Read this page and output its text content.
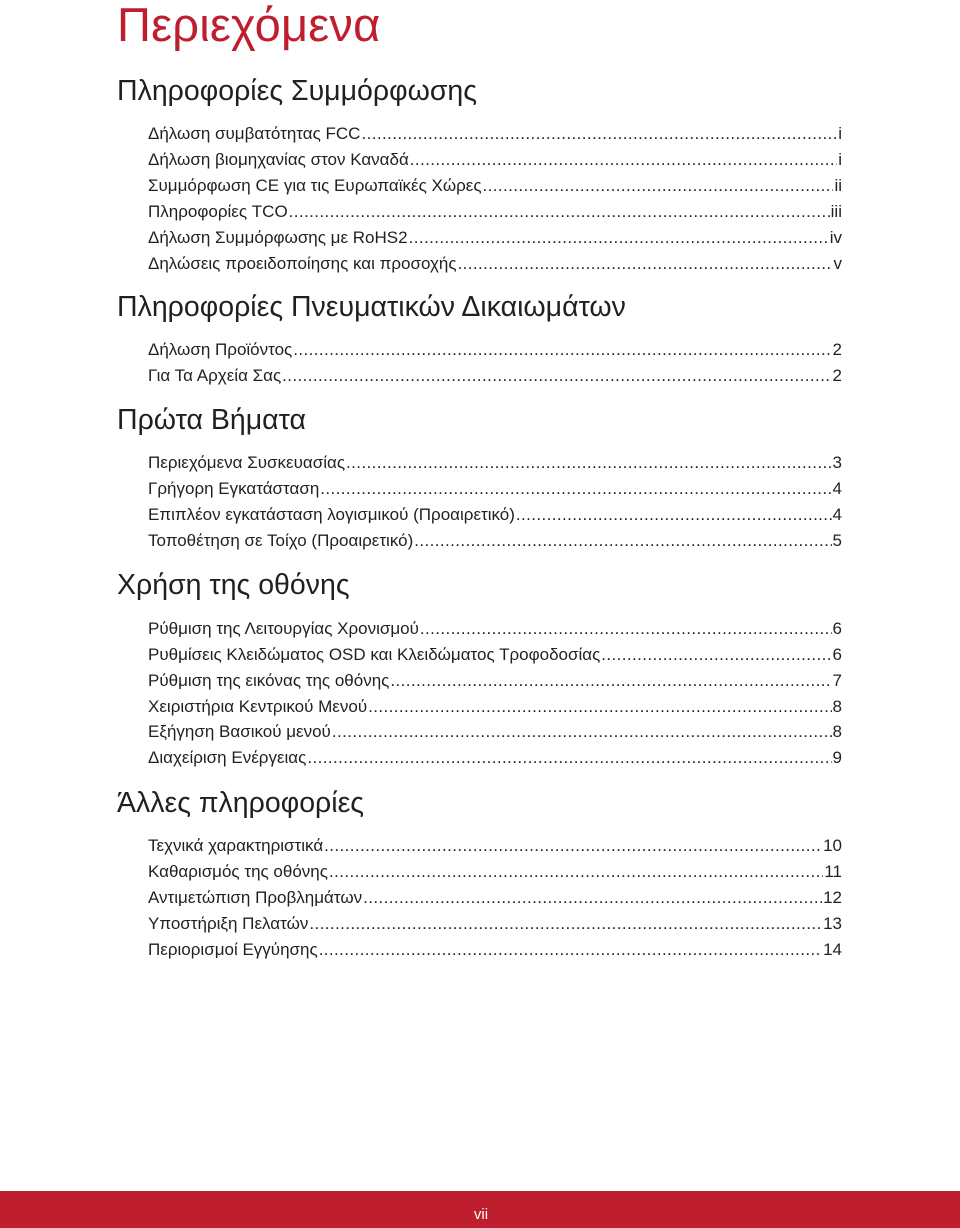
Περιεχόμενα
Πληροφορίες Συμμόρφωσης
Δήλωση συμβατότητας FCC .....	i
Δήλωση βιομηχανίας στον Καναδά .....	i
Συμμόρφωση CE για τις Ευρωπαϊκές Χώρες .....	ii
Πληροφορίες TCO .....	iii
Δήλωση Συμμόρφωσης με RoHS2 .....	iv
Δηλώσεις προειδοποίησης και προσοχής .....	v
Πληροφορίες Πνευματικών Δικαιωμάτων
Δήλωση Προϊόντος .....	2
Για Τα Αρχεία Σας .....	2
Πρώτα Βήματα
Περιεχόμενα Συσκευασίας .....	3
Γρήγορη Εγκατάσταση .....	4
Επιπλέον εγκατάσταση λογισμικού (Προαιρετικό) .....	4
Τοποθέτηση σε Τοίχο (Προαιρετικό) .....	5
Χρήση της οθόνης
Ρύθμιση της Λειτουργίας Χρονισμού .....	6
Ρυθμίσεις Κλειδώματος OSD και Κλειδώματος Τροφοδοσίας .....	6
Ρύθμιση της εικόνας της οθόνης .....	7
Χειριστήρια Κεντρικού Μενού .....	8
Εξήγηση Βασικού μενού .....	8
Διαχείριση Ενέργειας .....	9
Άλλες πληροφορίες
Τεχνικά χαρακτηριστικά .....	10
Καθαρισμός της οθόνης .....	11
Αντιμετώπιση Προβλημάτων .....	12
Υποστήριξη Πελατών .....	13
Περιορισμοί Εγγύησης .....	14
vii
